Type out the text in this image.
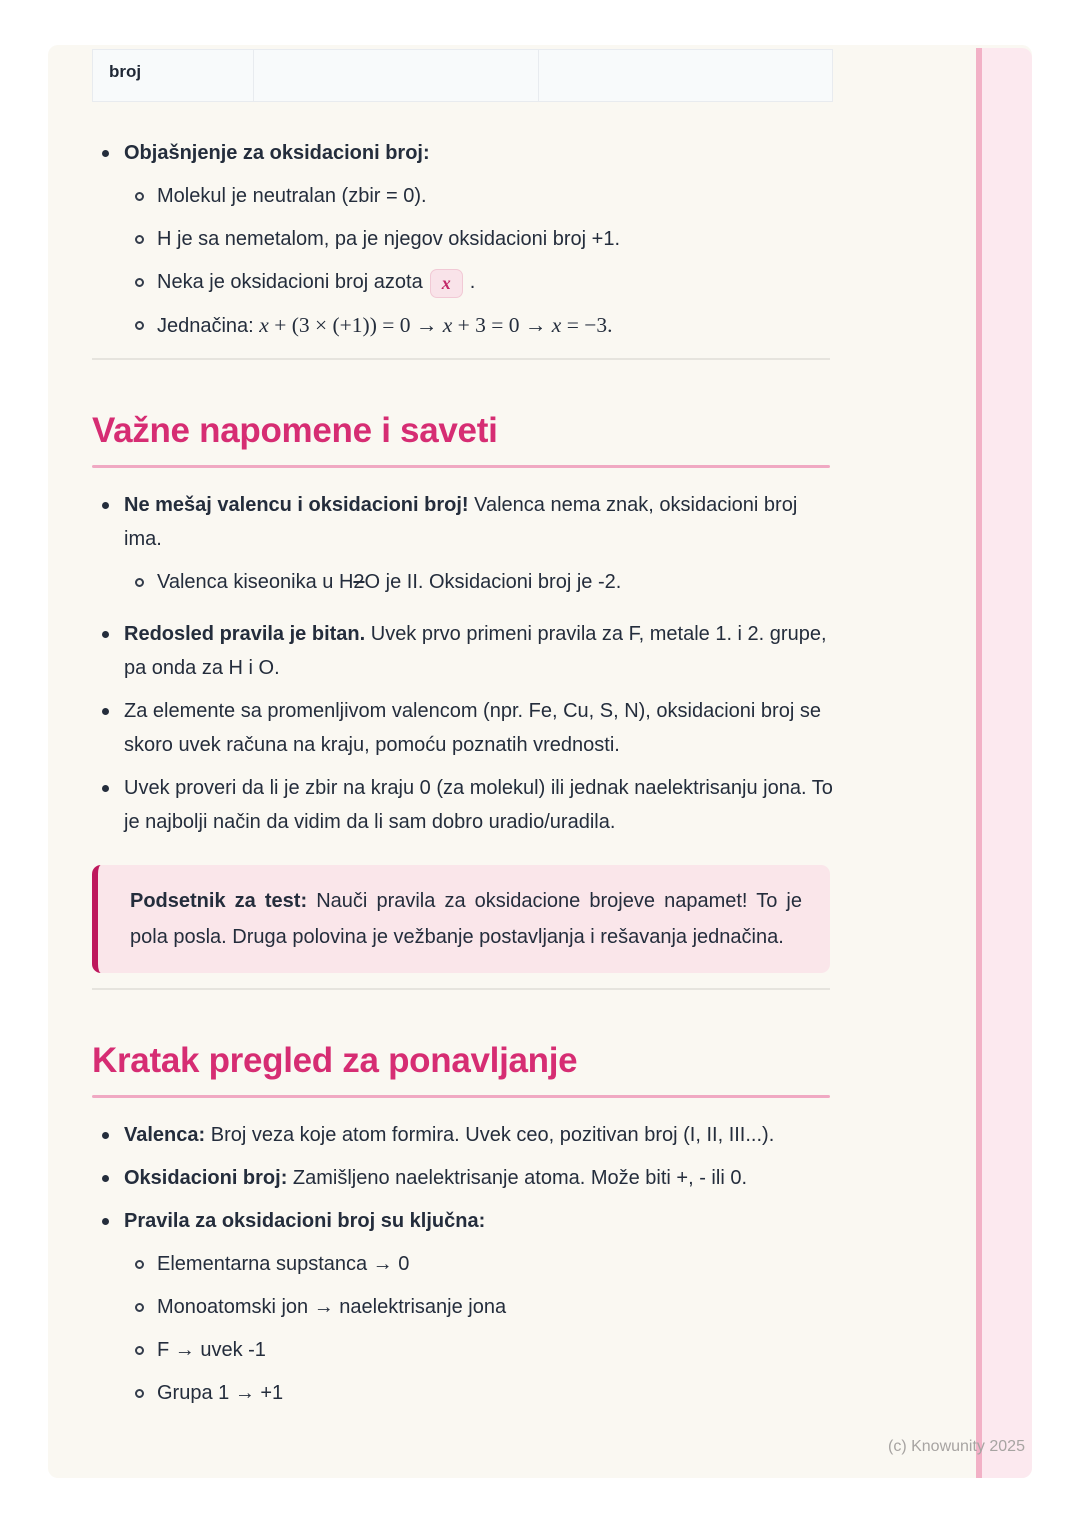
broj
Objašnjenje za oksidacioni broj:
Molekul je neutralan (zbir = 0).
H je sa nemetalom, pa je njegov oksidacioni broj +1.
Neka je oksidacioni broj azota x .
Jednačina: x + (3 × (+1)) = 0 → x + 3 = 0 → x = −3.
Važne napomene i saveti
Ne mešaj valencu i oksidacioni broj! Valenca nema znak, oksidacioni broj ima.
Valenca kiseonika u H2O je II. Oksidacioni broj je -2.
Redosled pravila je bitan. Uvek prvo primeni pravila za F, metale 1. i 2. grupe, pa onda za H i O.
Za elemente sa promenljivom valencom (npr. Fe, Cu, S, N), oksidacioni broj se skoro uvek računa na kraju, pomoću poznatih vrednosti.
Uvek proveri da li je zbir na kraju 0 (za molekul) ili jednak naelektrisanju jona. To je najbolji način da vidim da li sam dobro uradio/uradila.

Podsetnik za test: Nauči pravila za oksidacione brojeve napamet! To je pola posla. Druga polovina je vežbanje postavljanja i rešavanja jednačina.

Kratak pregled za ponavljanje
Valenca: Broj veza koje atom formira. Uvek ceo, pozitivan broj (I, II, III...).
Oksidacioni broj: Zamišljeno naelektrisanje atoma. Može biti +, - ili 0.
Pravila za oksidacioni broj su ključna:
Elementarna supstanca → 0
Monoatomski jon → naelektrisanje jona
F → uvek -1
Grupa 1 → +1
(c) Knowunity 2025
